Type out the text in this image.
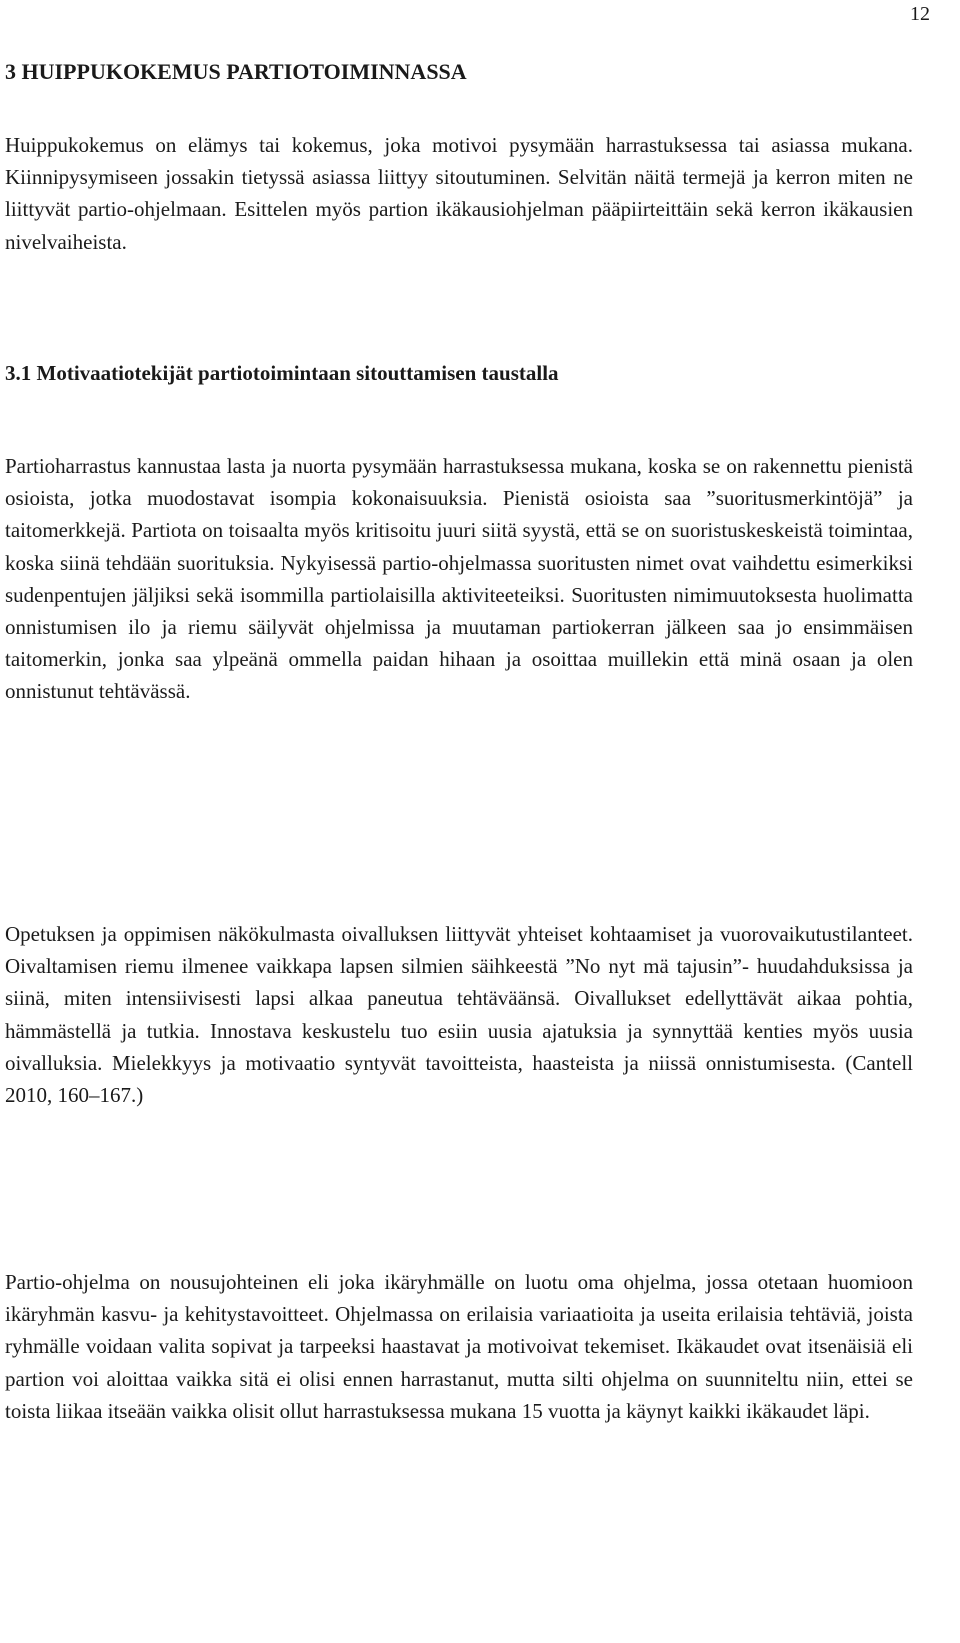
12
3 HUIPPUKOKEMUS PARTIOTOIMINNASSA

Huippukokemus on elämys tai kokemus, joka motivoi pysymään harrastuksessa tai asiassa mukana. Kiinnipysymiseen jossakin tietyssä asiassa liittyy sitoutuminen. Selvitän näitä termejä ja kerron miten ne liittyvät partio-ohjelmaan. Esittelen myös partion ikäkausiohjelman pääpiirteittäin sekä kerron ikäkausien nivelvaiheista.

3.1 Motivaatiotekijät partiotoimintaan sitouttamisen taustalla

Partioharrastus kannustaa lasta ja nuorta pysymään harrastuksessa mukana, koska se on rakennettu pienistä osioista, jotka muodostavat isompia kokonaisuuksia. Pienistä osioista saa ”suoritusmerkintöjä” ja taitomerkkejä. Partiota on toisaalta myös kritisoitu juuri siitä syystä, että se on suoristuskeskeistä toimintaa, koska siinä tehdään suorituksia. Nykyisessä partio-ohjelmassa suoritusten nimet ovat vaihdettu esimerkiksi sudenpentujen jäljiksi sekä isommilla partiolaisilla aktiviteeteiksi. Suoritusten nimimuutoksesta huolimatta onnistumisen ilo ja riemu säilyvät ohjelmissa ja muutaman partiokerran jälkeen saa jo ensimmäisen taitomerkin, jonka saa ylpeänä ommella paidan hihaan ja osoittaa muillekin että minä osaan ja olen onnistunut tehtävässä.

Opetuksen ja oppimisen näkökulmasta oivalluksen liittyvät yhteiset kohtaamiset ja vuorovaikutustilanteet. Oivaltamisen riemu ilmenee vaikkapa lapsen silmien säihkeestä ”No nyt mä tajusin”- huudahduksissa ja siinä, miten intensiivisesti lapsi alkaa paneutua tehtäväänsä. Oivallukset edellyttävät aikaa pohtia, hämmästellä ja tutkia. Innostava keskustelu tuo esiin uusia ajatuksia ja synnyttää kenties myös uusia oivalluksia. Mielekkyys ja motivaatio syntyvät tavoitteista, haasteista ja niissä onnistumisesta. (Cantell 2010, 160–167.)

Partio-ohjelma on nousujohteinen eli joka ikäryhmälle on luotu oma ohjelma, jossa otetaan huomioon ikäryhmän kasvu- ja kehitystavoitteet. Ohjelmassa on erilaisia variaatioita ja useita erilaisia tehtäviä, joista ryhmälle voidaan valita sopivat ja tarpeeksi haastavat ja motivoivat tekemiset. Ikäkaudet ovat itsenäisiä eli partion voi aloittaa vaikka sitä ei olisi ennen harrastanut, mutta silti ohjelma on suunniteltu niin, ettei se toista liikaa itseään vaikka olisit ollut harrastuksessa mukana 15 vuotta ja käynyt kaikki ikäkaudet läpi.
